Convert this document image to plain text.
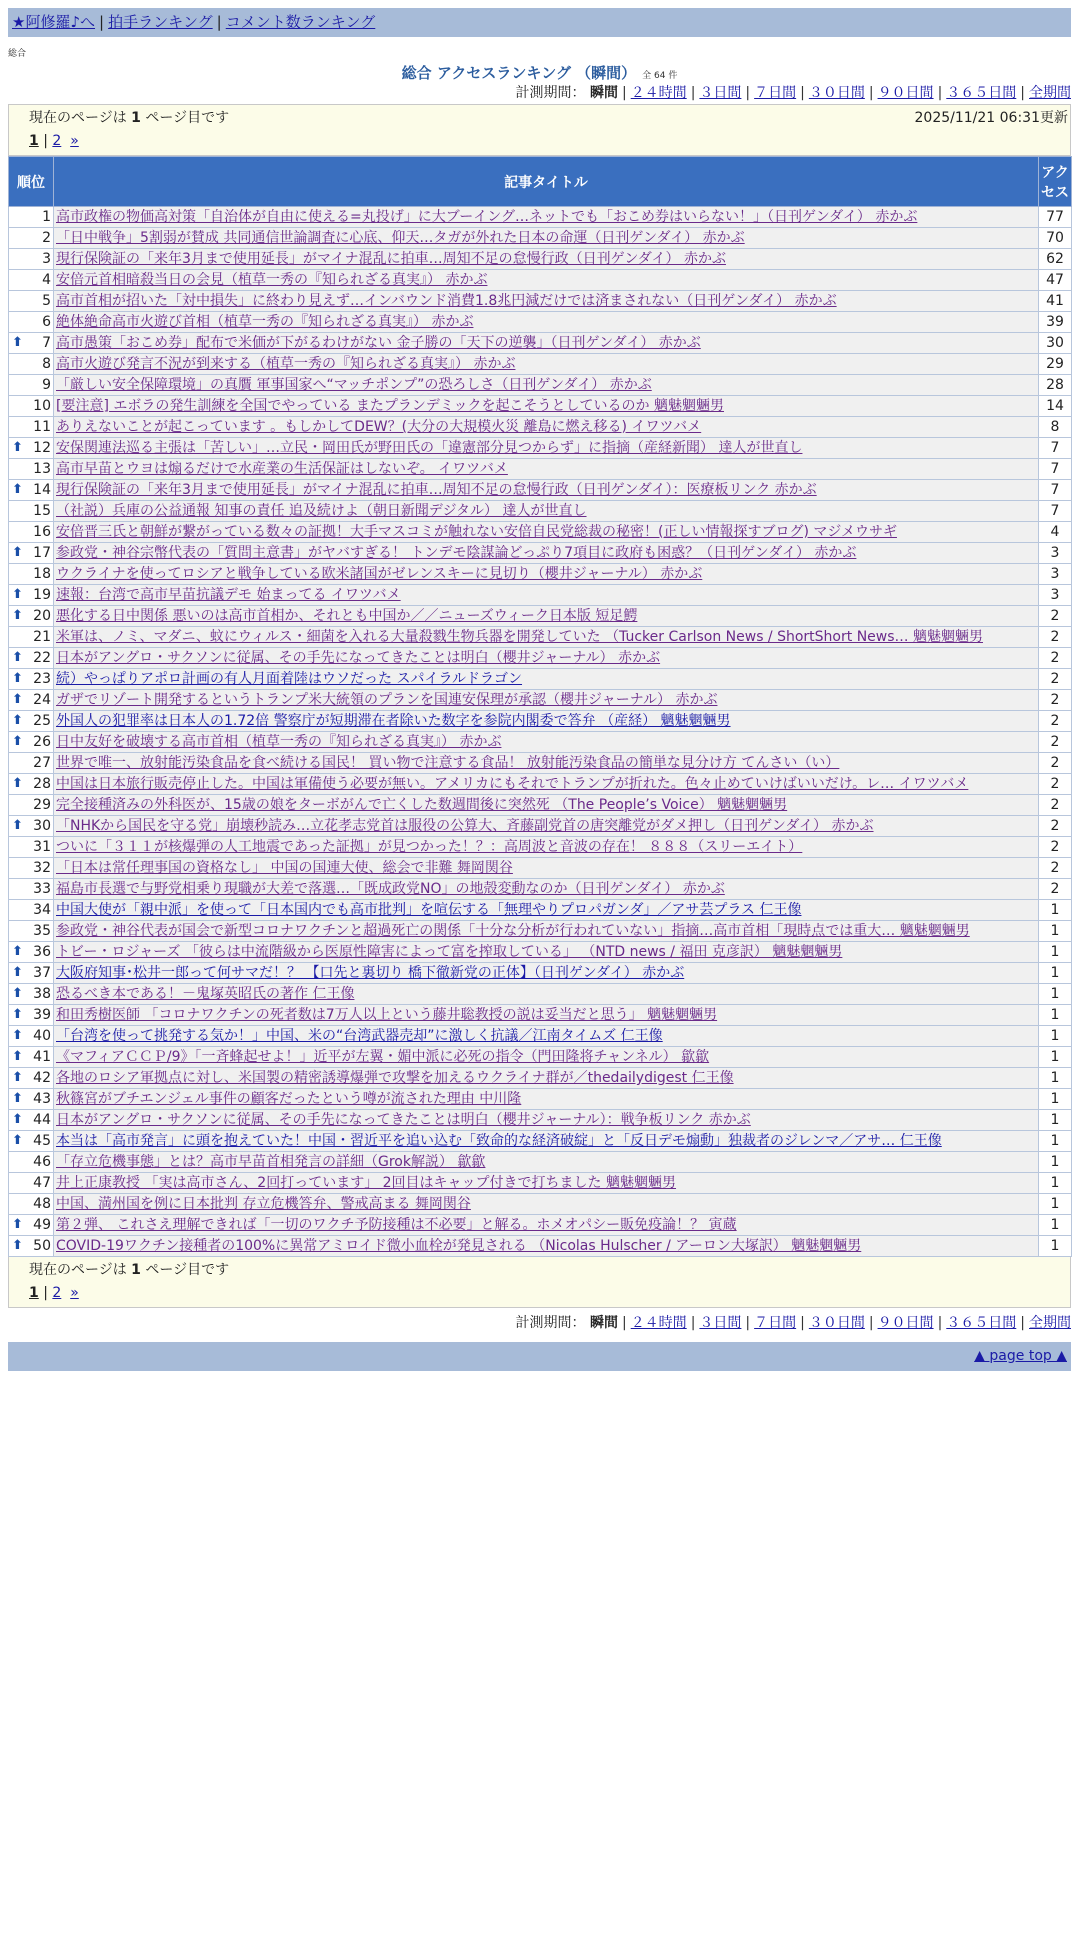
★阿修羅♪へ | 拍手ランキング | コメント数ランキング
総合
総合 アクセスランキング （瞬間） 全 64 件
計測期間： 瞬間 | ２４時間 | ３日間 | ７日間 | ３０日間 | ９０日間 | ３６５日間 | 全期間
現在のページは 1 ページ目です	2025/11/21 06:31更新
1 | 2 »
順位	記事タイトル	アクセス
1	高市政権の物価高対策「自治体が自由に使える=丸投げ」に大ブーイング…ネットでも「おこめ券はいらない！」（日刊ゲンダイ） 赤かぶ	77
2	「日中戦争」5割弱が賛成 共同通信世論調査に心底、仰天…タガが外れた日本の命運（日刊ゲンダイ） 赤かぶ	70
3	現行保険証の「来年3月まで使用延長」がマイナ混乱に拍車…周知不足の怠慢行政（日刊ゲンダイ） 赤かぶ	62
4	安倍元首相暗殺当日の会見（植草一秀の『知られざる真実』） 赤かぶ	47
5	高市首相が招いた「対中損失」に終わり見えず…インバウンド消費1.8兆円減だけでは済まされない（日刊ゲンダイ） 赤かぶ	41
6	絶体絶命高市火遊び首相（植草一秀の『知られざる真実』） 赤かぶ	39

⬆ 7	高市愚策「おこめ券」配布で米価が下がるわけがない 金子勝の「天下の逆襲」（日刊ゲンダイ） 赤かぶ	30
8	高市火遊び発言不況が到来する（植草一秀の『知られざる真実』） 赤かぶ	29
9	「厳しい安全保障環境」の真贋 軍事国家へ“マッチポンプ”の恐ろしさ（日刊ゲンダイ） 赤かぶ	28
10	[要注意] エボラの発生訓練を全国でやっている またプランデミックを起こそうとしているのか 魑魅魍魎男	14
11	ありえないことが起こっています 。もしかしてDEW？(大分の大規模火災 離島に燃え移る) イワツバメ	8

⬆ 12	安保関連法巡る主張は「苦しい」…立民・岡田氏が野田氏の「違憲部分見つからず」に指摘（産経新聞） 達人が世直し	7
13	高市早苗とウヨは煽るだけで水産業の生活保証はしないぞ。 イワツバメ	7

⬆ 14	現行保険証の「来年3月まで使用延長」がマイナ混乱に拍車…周知不足の怠慢行政（日刊ゲンダイ）：医療板リンク 赤かぶ	7
15	（社説）兵庫の公益通報 知事の責任 追及続けよ（朝日新聞デジタル） 達人が世直し	7
16	安倍晋三氏と朝鮮が繋がっている数々の証拠！大手マスコミが触れない安倍自民党総裁の秘密！(正しい情報探すブログ) マジメウサギ	4

⬆ 17	参政党・神谷宗幣代表の「質問主意書」がヤバすぎる！ トンデモ陰謀論どっぷり7項目に政府も困惑？（日刊ゲンダイ） 赤かぶ	3
18	ウクライナを使ってロシアと戦争している欧米諸国がゼレンスキーに見切り（櫻井ジャーナル） 赤かぶ	3

⬆ 19	速報：台湾で高市早苗抗議デモ 始まってる イワツバメ	3

⬆ 20	悪化する日中関係 悪いのは高市首相か、それとも中国か／／ニューズウィーク日本版 短足鰐	2
21	米軍は、ノミ、マダニ、蚊にウィルス・細菌を入れる大量殺戮生物兵器を開発していた （Tucker Carlson News / ShortShort News… 魑魅魍魎男	2

⬆ 22	日本がアングロ・サクソンに従属、その手先になってきたことは明白（櫻井ジャーナル） 赤かぶ	2

⬆ 23	続）やっぱりアポロ計画の有人月面着陸はウソだった スパイラルドラゴン	2

⬆ 24	ガザでリゾート開発するというトランプ米大統領のプランを国連安保理が承認（櫻井ジャーナル） 赤かぶ	2

⬆ 25	外国人の犯罪率は日本人の1.72倍 警察庁が短期滞在者除いた数字を参院内閣委で答弁 （産経） 魑魅魍魎男	2

⬆ 26	日中友好を破壊する高市首相（植草一秀の『知られざる真実』） 赤かぶ	2
27	世界で唯一、放射能汚染食品を食べ続ける国民！ 買い物で注意する食品！ 放射能汚染食品の簡単な見分け方 てんさい（い）	2

⬆ 28	中国は日本旅行販売停止した。中国は軍備使う必要が無い。アメリカにもそれでトランプが折れた。色々止めていけばいいだけ。レ… イワツバメ	2
29	完全接種済みの外科医が、15歳の娘をターボがんで亡くした数週間後に突然死 （The People’s Voice） 魑魅魍魎男	2

⬆ 30	「NHKから国民を守る党」崩壊秒読み…立花孝志党首は服役の公算大、斉藤副党首の唐突離党がダメ押し（日刊ゲンダイ） 赤かぶ	2
31	ついに「３１１が核爆弾の人工地震であった証拠」が見つかった！？：高周波と音波の存在！ ８８８（スリーエイト）	2
32	「日本は常任理事国の資格なし」 中国の国連大使、総会で非難 舞岡関谷	2
33	福島市長選で与野党相乗り現職が大差で落選…「既成政党NO」の地殻変動なのか（日刊ゲンダイ） 赤かぶ	2
34	中国大使が「親中派」を使って「日本国内でも高市批判」を喧伝する「無理やりプロパガンダ」／アサ芸プラス 仁王像	1
35	参政党・神谷代表が国会で新型コロナワクチンと超過死亡の関係「十分な分析が行われていない」指摘…高市首相「現時点では重大… 魑魅魍魎男	1

⬆ 36	トビー・ロジャーズ 「彼らは中流階級から医原性障害によって富を搾取している」 （NTD news / 福田 克彦訳） 魑魅魍魎男	1

⬆ 37	大阪府知事･松井一郎って何サマだ！？ 【口先と裏切り 橋下徹新党の正体】（日刊ゲンダイ） 赤かぶ	1

⬆ 38	恐るべき本である！－鬼塚英昭氏の著作 仁王像	1

⬆ 39	和田秀樹医師 「コロナワクチンの死者数は7万人以上という藤井聡教授の説は妥当だと思う」 魑魅魍魎男	1

⬆ 40	「台湾を使って挑発する気か！」中国、米の“台湾武器売却”に激しく抗議／江南タイムズ 仁王像	1

⬆ 41	《マフィアＣＣＰ/9》「一斉蜂起せよ！」近平が左翼・媚中派に必死の指令（門田隆将チャンネル） 歙歙	1

⬆ 42	各地のロシア軍拠点に対し、米国製の精密誘導爆弾で攻撃を加えるウクライナ群が／thedailydigest 仁王像	1

⬆ 43	秋篠宮がブチエンジェル事件の顧客だったという噂が流された理由 中川隆	1

⬆ 44	日本がアングロ・サクソンに従属、その手先になってきたことは明白（櫻井ジャーナル）：戦争板リンク 赤かぶ	1

⬆ 45	本当は「高市発言」に頭を抱えていた！中国・習近平を追い込む「致命的な経済破綻」と「反日デモ煽動」独裁者のジレンマ／アサ… 仁王像	1
46	「存立危機事態」とは？高市早苗首相発言の詳細（Grok解説） 歙歙	1
47	井上正康教授 「実は高市さん、2回打っています」 2回目はキャップ付きで打ちました 魑魅魍魎男	1
48	中国、満州国を例に日本批判 存立危機答弁、警戒高まる 舞岡関谷	1

⬆ 49	第２弾、 これさえ理解できれば「一切のワクチ予防接種は不必要」と解る。ホメオパシー販免疫論！？ 寅蔵	1

⬆ 50	COVID-19ワクチン接種者の100%に異常アミロイド微小血栓が発見される （Nicolas Hulscher / アーロン大塚訳） 魑魅魍魎男	1
現在のページは 1 ページ目です
1 | 2 »
計測期間： 瞬間 | ２４時間 | ３日間 | ７日間 | ３０日間 | ９０日間 | ３６５日間 | 全期間
▲ page top ▲
